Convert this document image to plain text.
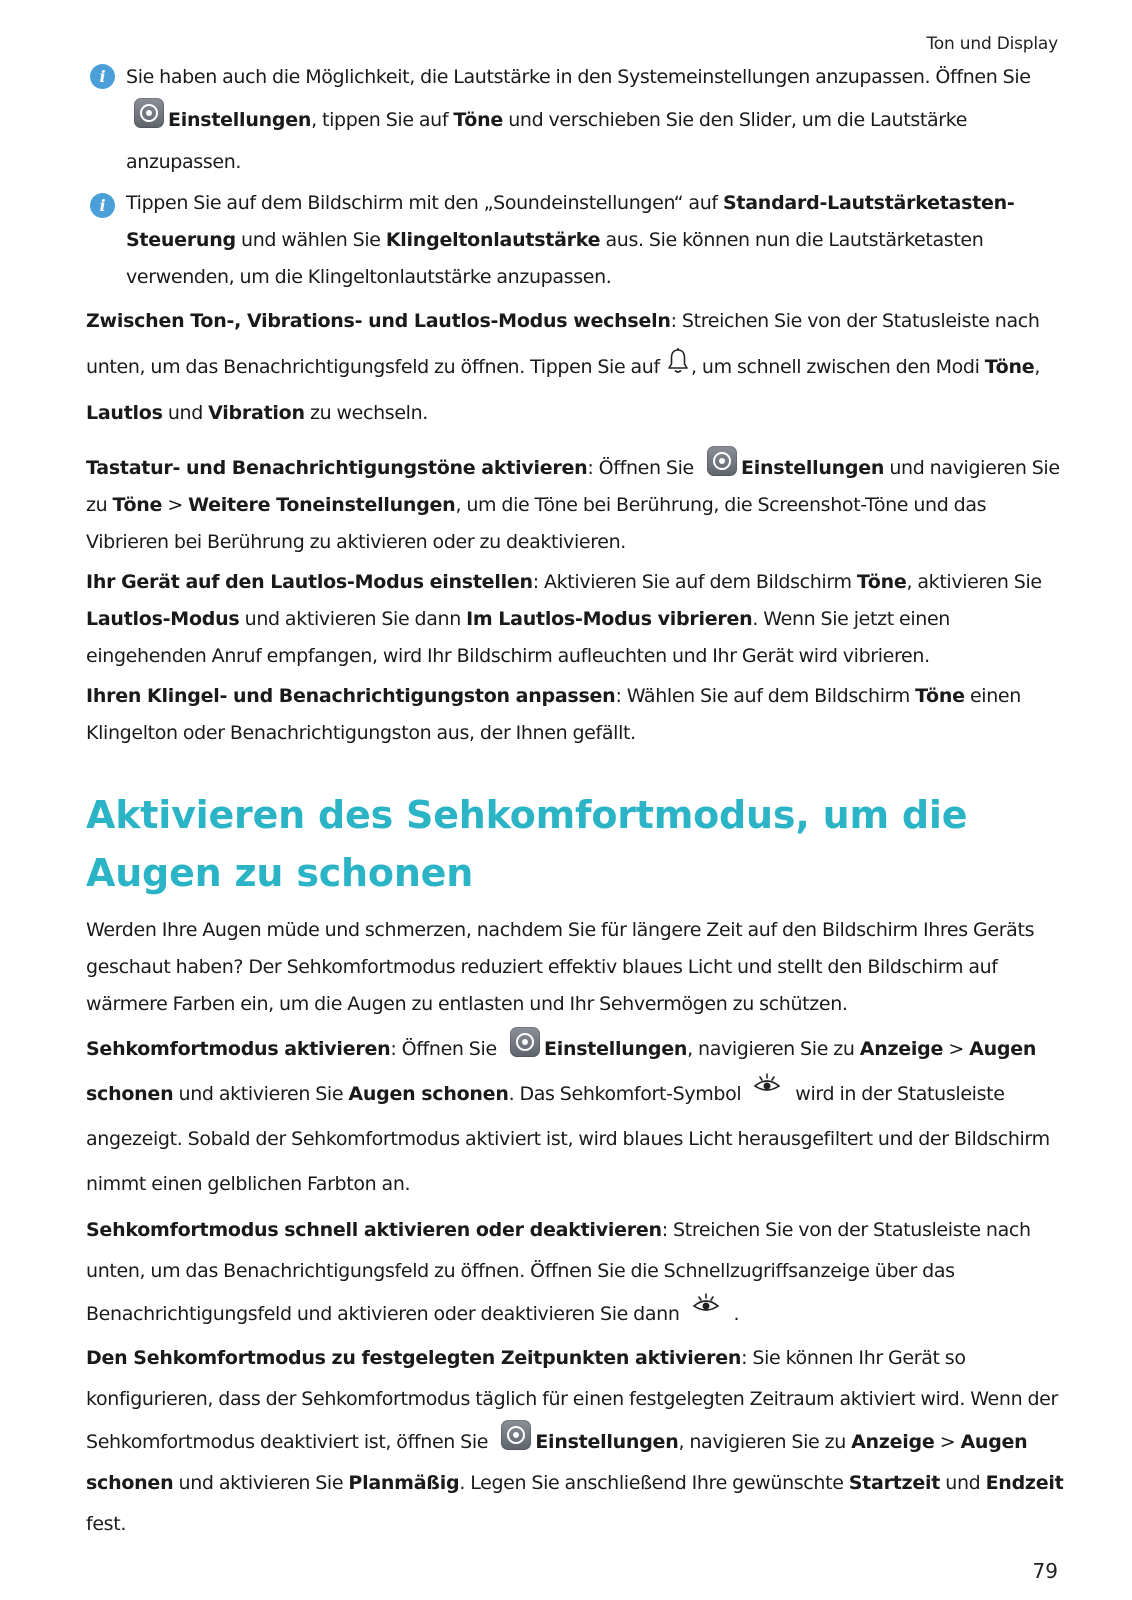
Ton und Display
i	Sie haben auch die Möglichkeit, die Lautstärke in den Systemeinstellungen anzupassen. Öffnen Sie Einstellungen, tippen Sie auf Töne und verschieben Sie den Slider, um die Lautstärke anzupassen.

i	Tippen Sie auf dem Bildschirm mit den „Soundeinstellungen“ auf Standard-Lautstärketasten-Steuerung und wählen Sie Klingeltonlautstärke aus. Sie können nun die Lautstärketasten verwenden, um die Klingeltonlautstärke anzupassen.

Zwischen Ton-, Vibrations- und Lautlos-Modus wechseln: Streichen Sie von der Statusleiste nach unten, um das Benachrichtigungsfeld zu öffnen. Tippen Sie auf , um schnell zwischen den Modi Töne, Lautlos und Vibration zu wechseln.

Tastatur- und Benachrichtigungstöne aktivieren: Öffnen Sie Einstellungen und navigieren Sie zu Töne > Weitere Toneinstellungen, um die Töne bei Berührung, die Screenshot-Töne und das Vibrieren bei Berührung zu aktivieren oder zu deaktivieren.

Ihr Gerät auf den Lautlos-Modus einstellen: Aktivieren Sie auf dem Bildschirm Töne, aktivieren Sie Lautlos-Modus und aktivieren Sie dann Im Lautlos-Modus vibrieren. Wenn Sie jetzt einen eingehenden Anruf empfangen, wird Ihr Bildschirm aufleuchten und Ihr Gerät wird vibrieren.

Ihren Klingel- und Benachrichtigungston anpassen: Wählen Sie auf dem Bildschirm Töne einen Klingelton oder Benachrichtigungston aus, der Ihnen gefällt.

Aktivieren des Sehkomfortmodus, um die Augen zu schonen

Werden Ihre Augen müde und schmerzen, nachdem Sie für längere Zeit auf den Bildschirm Ihres Geräts geschaut haben? Der Sehkomfortmodus reduziert effektiv blaues Licht und stellt den Bildschirm auf wärmere Farben ein, um die Augen zu entlasten und Ihr Sehvermögen zu schützen.

Sehkomfortmodus aktivieren: Öffnen Sie Einstellungen, navigieren Sie zu Anzeige > Augen schonen und aktivieren Sie Augen schonen. Das Sehkomfort-Symbol	wird in der Statusleiste angezeigt. Sobald der Sehkomfortmodus aktiviert ist, wird blaues Licht herausgefiltert und der Bildschirm nimmt einen gelblichen Farbton an.

Sehkomfortmodus schnell aktivieren oder deaktivieren: Streichen Sie von der Statusleiste nach unten, um das Benachrichtigungsfeld zu öffnen. Öffnen Sie die Schnellzugriffsanzeige über das Benachrichtigungsfeld und aktivieren oder deaktivieren Sie dann	.

Den Sehkomfortmodus zu festgelegten Zeitpunkten aktivieren: Sie können Ihr Gerät so konfigurieren, dass der Sehkomfortmodus täglich für einen festgelegten Zeitraum aktiviert wird. Wenn der Sehkomfortmodus deaktiviert ist, öffnen Sie Einstellungen, navigieren Sie zu Anzeige > Augen schonen und aktivieren Sie Planmäßig. Legen Sie anschließend Ihre gewünschte Startzeit und Endzeit fest.

79
